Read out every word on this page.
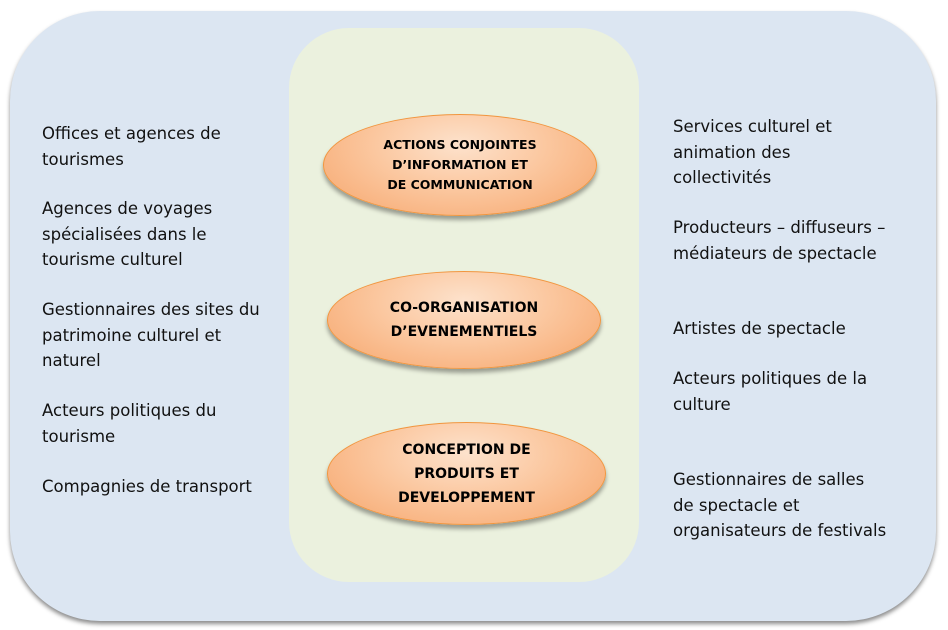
ACTIONS CONJOINTES
D’INFORMATION ET
DE COMMUNICATION
CO-ORGANISATION
D’EVENEMENTIELS
CONCEPTION DE
PRODUITS ET
DEVELOPPEMENT
Offices et agences de tourismes
Agences de voyages spécialisées dans le tourisme culturel
Gestionnaires des sites du patrimoine culturel et naturel
Acteurs politiques du tourisme
Compagnies de transport
Services culturel et animation des collectivités
Producteurs – diffuseurs –médiateurs de spectacle
Artistes de spectacle
Acteurs politiques de la culture
Gestionnaires de salles de spectacle et organisateurs de festivals
